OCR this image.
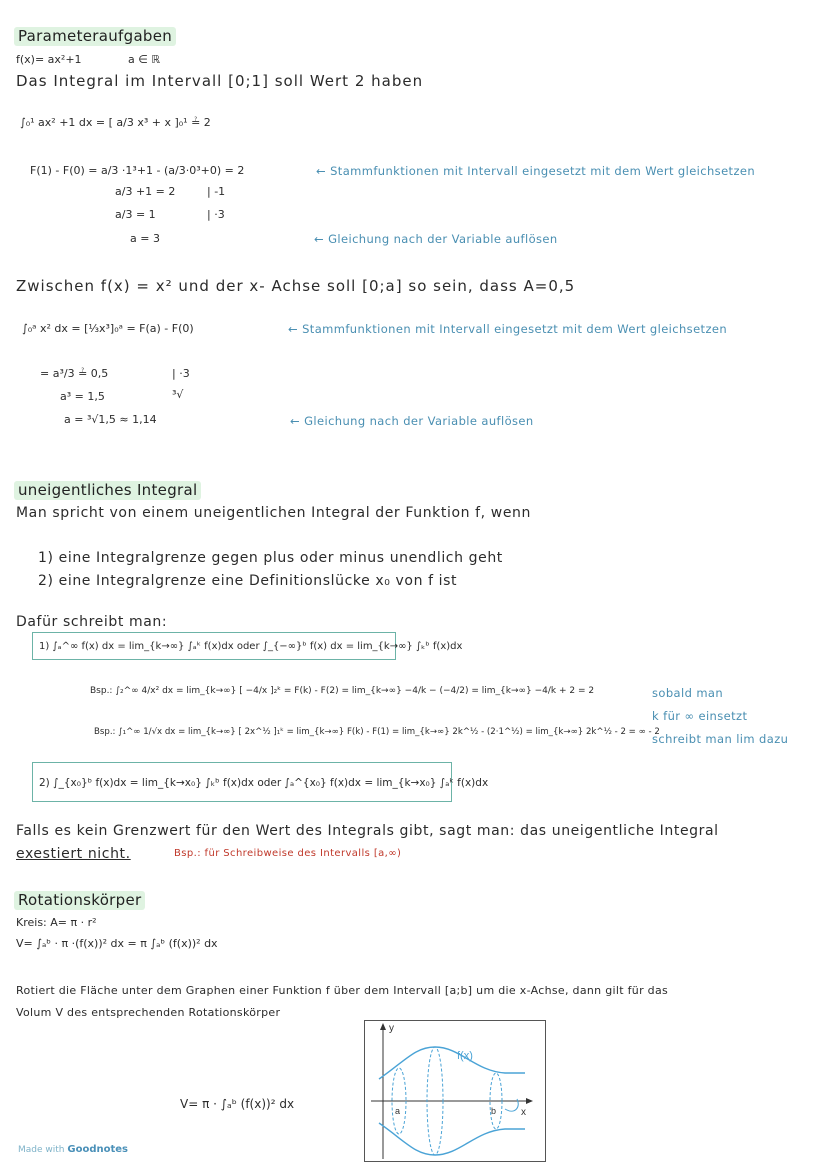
Parameteraufgaben
f(x)= ax²+1	a ∈ ℝ
Das Integral im Intervall [0;1] soll Wert 2 haben
∫₀¹ ax² +1 dx = [ a/3 x³ + x ]₀¹ ≟ 2
F(1) - F(0) = a/3 ·1³+1 - (a/3·0³+0) = 2
a/3 +1 = 2	| -1
a/3 = 1	| ·3
a = 3
← Stammfunktionen mit Intervall eingesetzt mit dem Wert gleichsetzen
← Gleichung nach der Variable auflösen
Zwischen f(x) = x² und der x- Achse soll [0;a] so sein, dass A=0,5
∫₀ᵃ x² dx = [⅓x³]₀ᵃ = F(a) - F(0)	← Stammfunktionen mit Intervall eingesetzt mit dem Wert gleichsetzen
= a³/3 ≟ 0,5	| ·3
a³ = 1,5	³√
a = ³√1,5 ≈ 1,14	← Gleichung nach der Variable auflösen
uneigentliches Integral
Man spricht von einem uneigentlichen Integral der Funktion f, wenn
1) eine Integralgrenze gegen plus oder minus unendlich geht
2) eine Integralgrenze eine Definitionslücke x₀ von f ist
Dafür schreibt man:
1) ∫ₐ^∞ f(x) dx = lim_{k→∞} ∫ₐᵏ f(x)dx oder ∫_{−∞}ᵇ f(x) dx = lim_{k→∞} ∫ₖᵇ f(x)dx
Bsp.: ∫₂^∞ 4/x² dx = lim_{k→∞} [ −4/x ]₂ᵏ = F(k) - F(2) = lim_{k→∞} −4/k − (−4/2) = lim_{k→∞} −4/k + 2 = 2
Bsp.: ∫₁^∞ 1/√x dx = lim_{k→∞} [ 2x^½ ]₁ᵏ = lim_{k→∞} F(k) - F(1) = lim_{k→∞} 2k^½ - (2·1^½) = lim_{k→∞} 2k^½ - 2 = ∞ - 2
sobald man
k für ∞ einsetzt
schreibt man lim dazu
2) ∫_{x₀}ᵇ f(x)dx = lim_{k→x₀} ∫ₖᵇ f(x)dx oder ∫ₐ^{x₀} f(x)dx = lim_{k→x₀} ∫ₐᵏ f(x)dx
Falls es kein Grenzwert für den Wert des Integrals gibt, sagt man: das uneigentliche Integral
exestiert nicht.	Bsp.: für Schreibweise des Intervalls [a,∞)
Rotationskörper
Kreis: A= π · r²
V= ∫ₐᵇ · π ·(f(x))² dx = π ∫ₐᵇ (f(x))² dx
Rotiert die Fläche unter dem Graphen einer Funktion f über dem Intervall [a;b] um die x-Achse, dann gilt für das
Volum V des entsprechenden Rotationskörper
V= π · ∫ₐᵇ (f(x))² dx
y
x
f(x)
a	b
Made with Goodnotes
